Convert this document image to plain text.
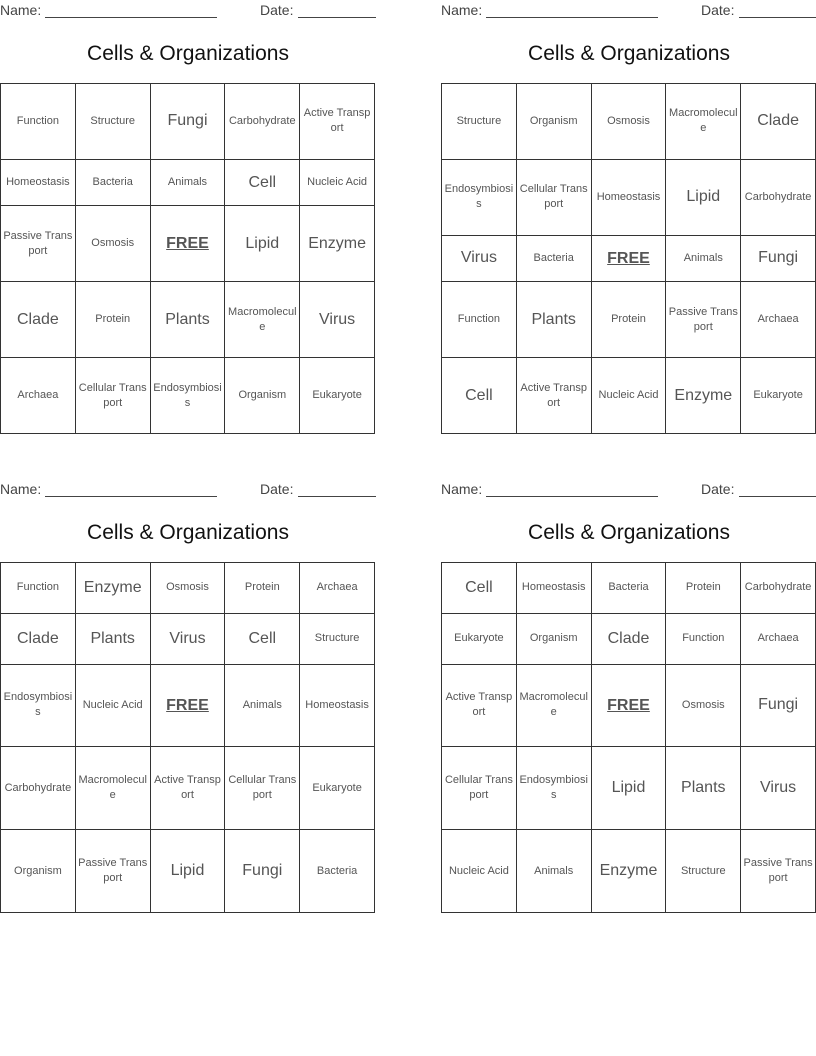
Name:	Date:
Cells & Organizations
Function	Structure	Fungi	Carbohydrate	Active Transport
Homeostasis	Bacteria	Animals	Cell	Nucleic Acid
Passive Transport	Osmosis	FREE	Lipid	Enzyme
Clade	Protein	Plants	Macromolecule	Virus
Archaea	Cellular Transport	Endosymbiosis	Organism	Eukaryote
Name:	Date:
Cells & Organizations
Structure	Organism	Osmosis	Macromolecule	Clade
Endosymbiosis	Cellular Transport	Homeostasis	Lipid	Carbohydrate
Virus	Bacteria	FREE	Animals	Fungi
Function	Plants	Protein	Passive Transport	Archaea
Cell	Active Transport	Nucleic Acid	Enzyme	Eukaryote
Name:	Date:
Cells & Organizations
Function	Enzyme	Osmosis	Protein	Archaea
Clade	Plants	Virus	Cell	Structure
Endosymbiosis	Nucleic Acid	FREE	Animals	Homeostasis
Carbohydrate	Macromolecule	Active Transport	Cellular Transport	Eukaryote
Organism	Passive Transport	Lipid	Fungi	Bacteria
Name:	Date:
Cells & Organizations
Cell	Homeostasis	Bacteria	Protein	Carbohydrate
Eukaryote	Organism	Clade	Function	Archaea
Active Transport	Macromolecule	FREE	Osmosis	Fungi
Cellular Transport	Endosymbiosis	Lipid	Plants	Virus
Nucleic Acid	Animals	Enzyme	Structure	Passive Transport
